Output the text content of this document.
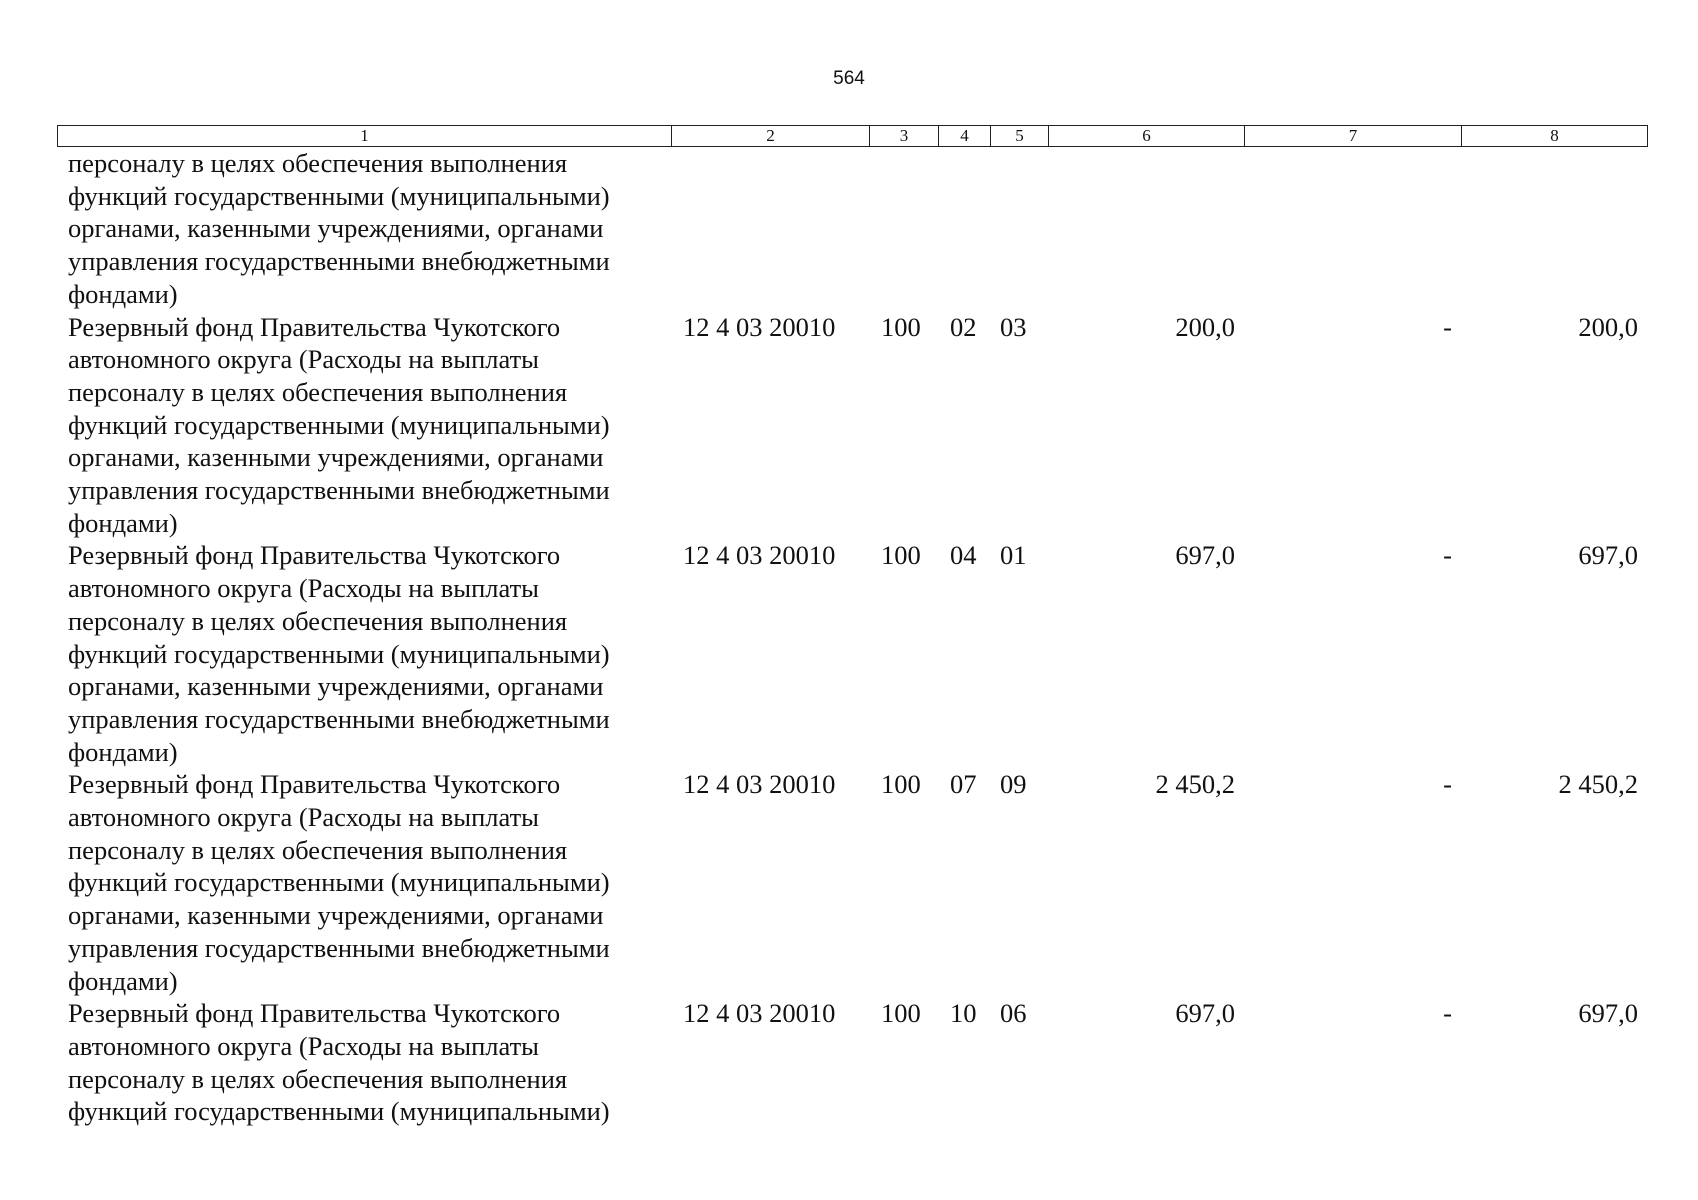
564
1	2	3	4	5	6	7	8
персоналу в целях обеспечения выполнения
функций государственными (муниципальными)
органами, казенными учреждениями, органами
управления государственными внебюджетными
фондами)
Резервный фонд Правительства Чукотского
автономного округа (Расходы на выплаты
персоналу в целях обеспечения выполнения
функций государственными (муниципальными)
органами, казенными учреждениями, органами
управления государственными внебюджетными
фондами)
12 4 03 20010	100	02 03	200,0	-	200,0
Резервный фонд Правительства Чукотского
автономного округа (Расходы на выплаты
персоналу в целях обеспечения выполнения
функций государственными (муниципальными)
органами, казенными учреждениями, органами
управления государственными внебюджетными
фондами)
12 4 03 20010	100	04 01	697,0	-	697,0
Резервный фонд Правительства Чукотского
автономного округа (Расходы на выплаты
персоналу в целях обеспечения выполнения
функций государственными (муниципальными)
органами, казенными учреждениями, органами
управления государственными внебюджетными
фондами)
12 4 03 20010	100	07 09	2 450,2	-	2 450,2
Резервный фонд Правительства Чукотского
автономного округа (Расходы на выплаты
персоналу в целях обеспечения выполнения
функций государственными (муниципальными)
12 4 03 20010	100	10 06	697,0	-	697,0
